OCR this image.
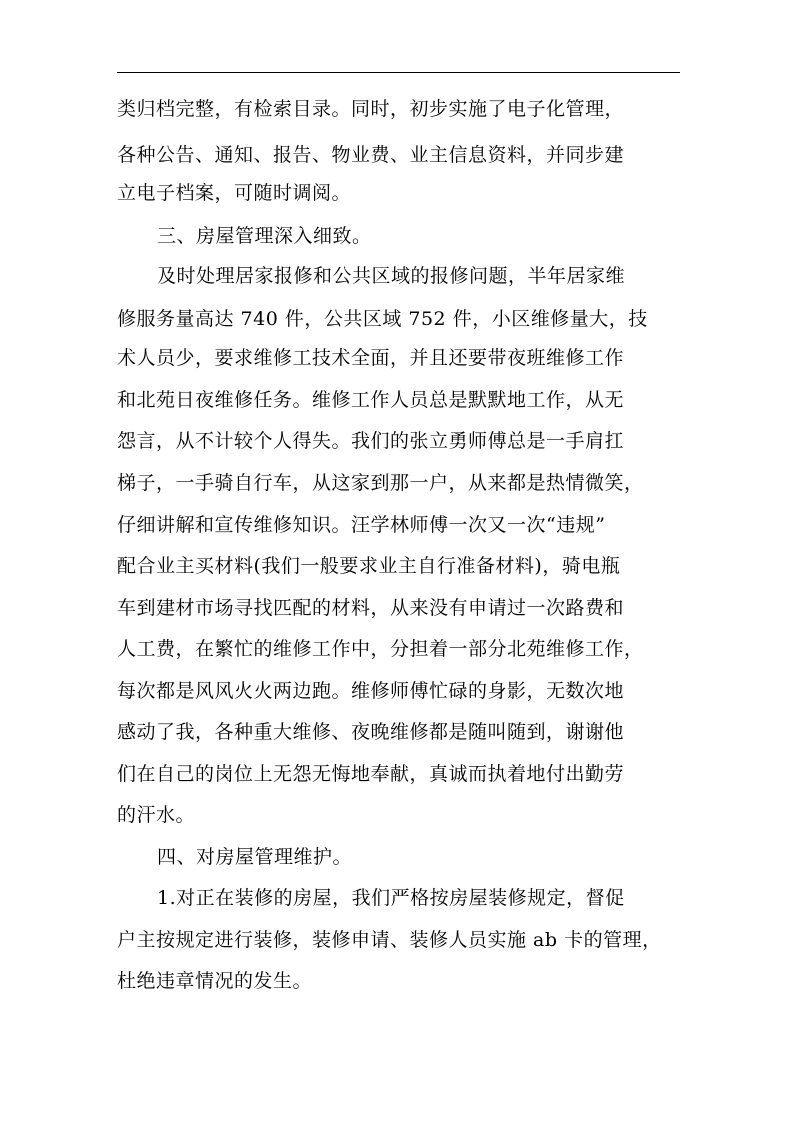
类归档完整，有检索目录。同时，初步实施了电子化管理，
各种公告、通知、报告、物业费、业主信息资料，并同步建
立电子档案，可随时调阅。
三、房屋管理深入细致。
及时处理居家报修和公共区域的报修问题，半年居家维
修服务量高达 740 件，公共区域 752 件，小区维修量大，技
术人员少，要求维修工技术全面，并且还要带夜班维修工作
和北苑日夜维修任务。维修工作人员总是默默地工作，从无
怨言，从不计较个人得失。我们的张立勇师傅总是一手肩扛
梯子，一手骑自行车，从这家到那一户，从来都是热情微笑，
仔细讲解和宣传维修知识。汪学林师傅一次又一次“违规”
配合业主买材料(我们一般要求业主自行准备材料)，骑电瓶
车到建材市场寻找匹配的材料，从来没有申请过一次路费和
人工费，在繁忙的维修工作中，分担着一部分北苑维修工作，
每次都是风风火火两边跑。维修师傅忙碌的身影，无数次地
感动了我，各种重大维修、夜晚维修都是随叫随到，谢谢他
们在自己的岗位上无怨无悔地奉献，真诚而执着地付出勤劳
的汗水。
四、对房屋管理维护。
1.对正在装修的房屋，我们严格按房屋装修规定，督促
户主按规定进行装修，装修申请、装修人员实施 ab 卡的管理，
杜绝违章情况的发生。
